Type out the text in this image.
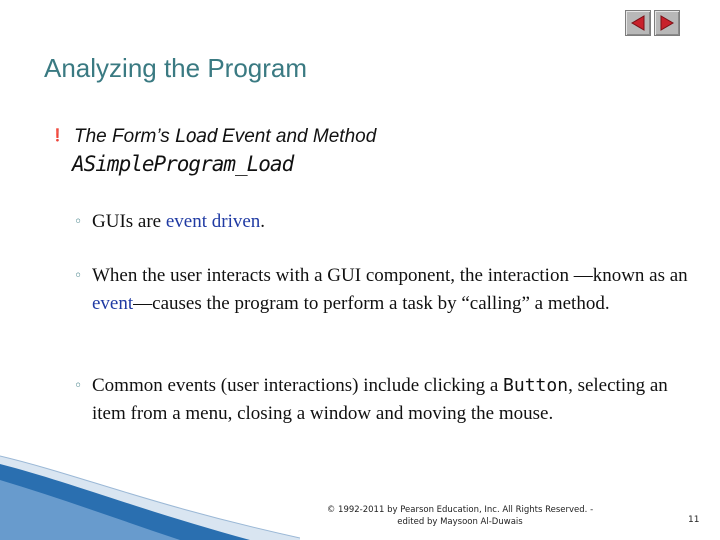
Analyzing the Program
❗ The Form’s Load Event and Method
ASimpleProgram_Load
◦ GUIs are event driven.
◦ When the user interacts with a GUI component, the interaction —known as an event—causes the program to perform a task by “calling” a method.
◦ Common events (user interactions) include clicking a Button, selecting an item from a menu, closing a window and moving the mouse.
© 1992-2011 by Pearson Education, Inc. All Rights Reserved. -
edited by Maysoon Al-Duwais	11
